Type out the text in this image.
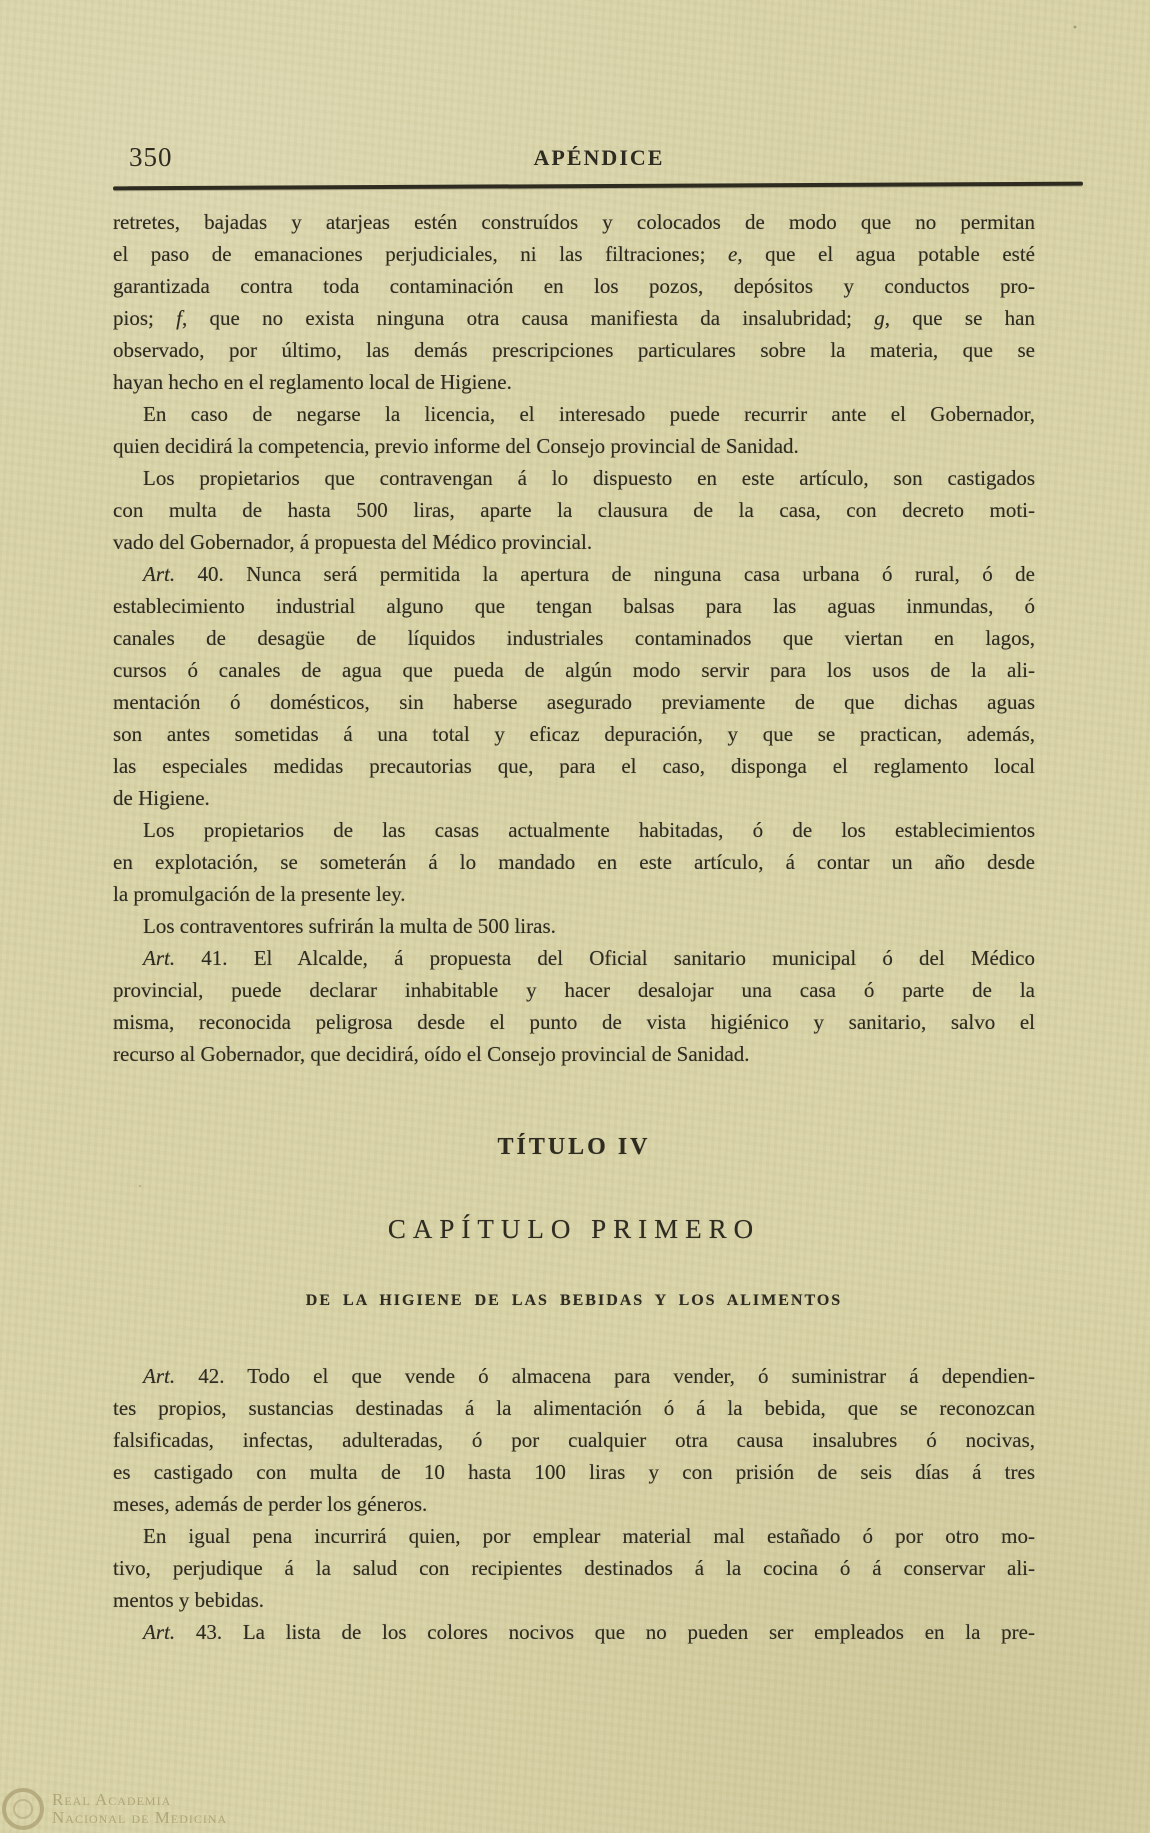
350	APÉNDICE
retretes, bajadas y atarjeas estén construídos y colocados de modo que no permitan
el paso de emanaciones perjudiciales, ni las filtraciones; e, que el agua potable esté
garantizada contra toda contaminación en los pozos, depósitos y conductos pro-
pios; f, que no exista ninguna otra causa manifiesta da insalubridad; g, que se han
observado, por último, las demás prescripciones particulares sobre la materia, que se
hayan hecho en el reglamento local de Higiene.
En caso de negarse la licencia, el interesado puede recurrir ante el Gobernador,
quien decidirá la competencia, previo informe del Consejo provincial de Sanidad.
Los propietarios que contravengan á lo dispuesto en este artículo, son castigados
con multa de hasta 500 liras, aparte la clausura de la casa, con decreto moti-
vado del Gobernador, á propuesta del Médico provincial.
Art. 40. Nunca será permitida la apertura de ninguna casa urbana ó rural, ó de
establecimiento industrial alguno que tengan balsas para las aguas inmundas, ó
canales de desagüe de líquidos industriales contaminados que viertan en lagos,
cursos ó canales de agua que pueda de algún modo servir para los usos de la ali-
mentación ó domésticos, sin haberse asegurado previamente de que dichas aguas
son antes sometidas á una total y eficaz depuración, y que se practican, además,
las especiales medidas precautorias que, para el caso, disponga el reglamento local
de Higiene.
Los propietarios de las casas actualmente habitadas, ó de los establecimientos
en explotación, se someterán á lo mandado en este artículo, á contar un año desde
la promulgación de la presente ley.
Los contraventores sufrirán la multa de 500 liras.
Art. 41. El Alcalde, á propuesta del Oficial sanitario municipal ó del Médico
provincial, puede declarar inhabitable y hacer desalojar una casa ó parte de la
misma, reconocida peligrosa desde el punto de vista higiénico y sanitario, salvo el
recurso al Gobernador, que decidirá, oído el Consejo provincial de Sanidad.
TÍTULO IV
CAPÍTULO PRIMERO
DE LA HIGIENE DE LAS BEBIDAS Y LOS ALIMENTOS
Art. 42. Todo el que vende ó almacena para vender, ó suministrar á dependien-
tes propios, sustancias destinadas á la alimentación ó á la bebida, que se reconozcan
falsificadas, infectas, adulteradas, ó por cualquier otra causa insalubres ó nocivas,
es castigado con multa de 10 hasta 100 liras y con prisión de seis días á tres
meses, además de perder los géneros.
En igual pena incurrirá quien, por emplear material mal estañado ó por otro mo-
tivo, perjudique á la salud con recipientes destinados á la cocina ó á conservar ali-
mentos y bebidas.
Art. 43. La lista de los colores nocivos que no pueden ser empleados en la pre-
Real Academia
Nacional de Medicina
